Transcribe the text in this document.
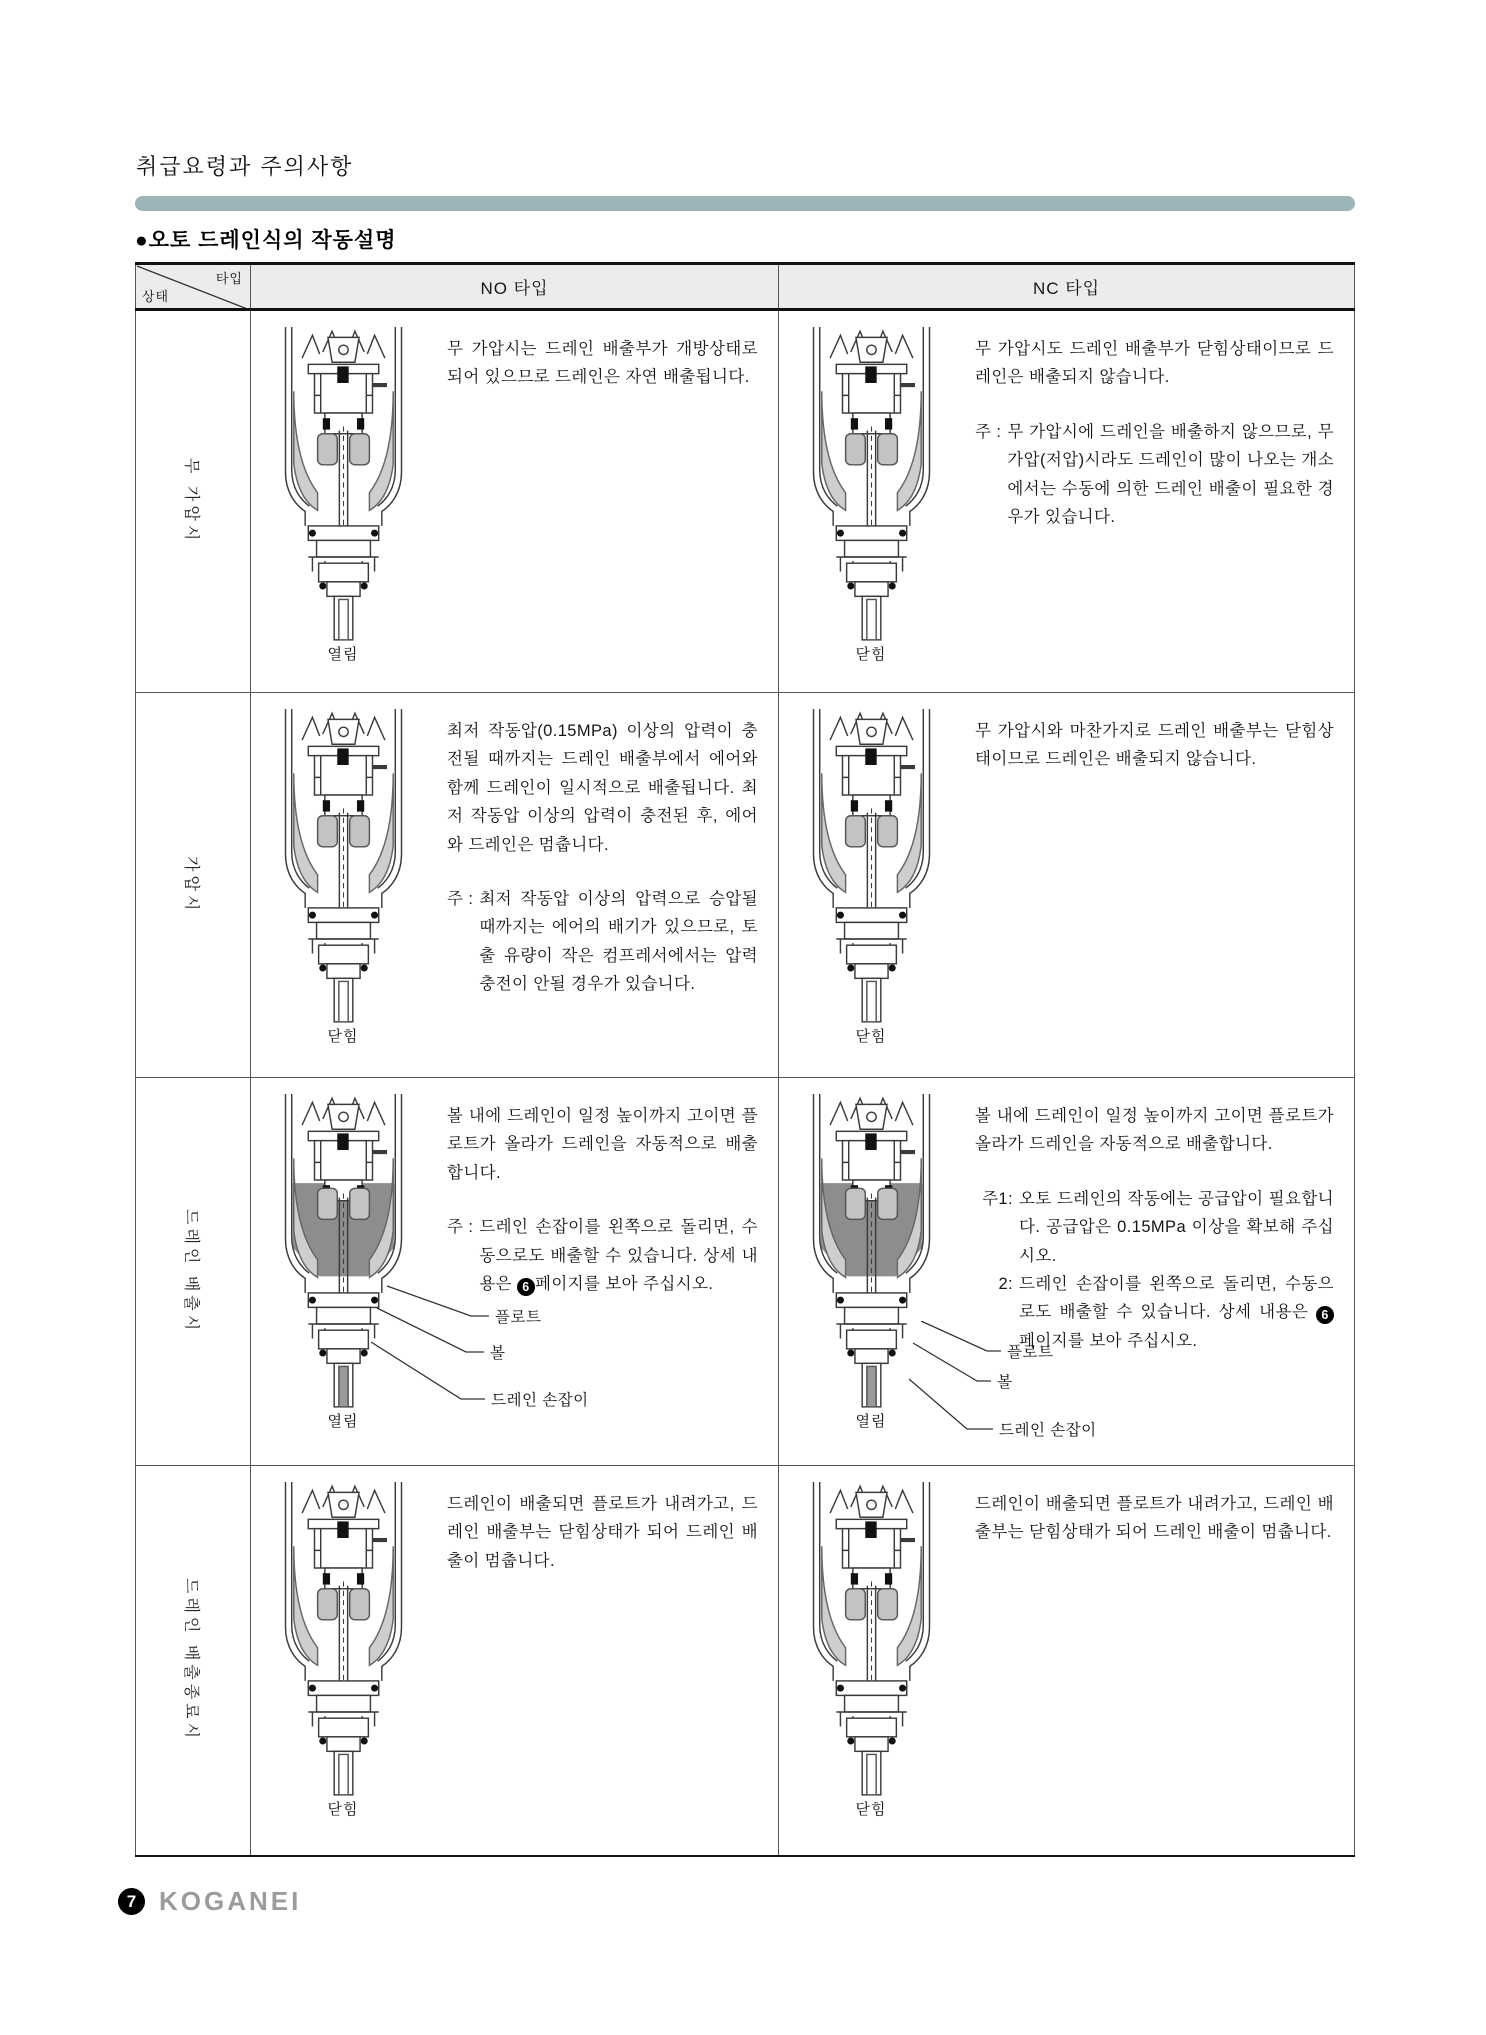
취급요령과 주의사항
●오토 드레인식의 작동설명
타입
상태	NO 타입	NC 타입
무 가압시
열림

무 가압시는 드레인 배출부가 개방상태로 되어 있으므로 드레인은 자연 배출됩니다.

닫힘

무 가압시도 드레인 배출부가 닫힘상태이므로 드레인은 배출되지 않습니다.

주 : 무 가압시에 드레인을 배출하지 않으므로, 무 가압(저압)시라도 드레인이 많이 나오는 개소에서는 수동에 의한 드레인 배출이 필요한 경우가 있습니다.
가압시
닫힘

최저 작동압(0.15MPa) 이상의 압력이 충전될 때까지는 드레인 배출부에서 에어와 함께 드레인이 일시적으로 배출됩니다. 최저 작동압 이상의 압력이 충전된 후, 에어와 드레인은 멈춥니다.

주 : 최저 작동압 이상의 압력으로 승압될 때까지는 에어의 배기가 있으므로, 토출 유량이 작은 컴프레서에서는 압력 충전이 안될 경우가 있습니다.
닫힘

무 가압시와 마찬가지로 드레인 배출부는 닫힘상태이므로 드레인은 배출되지 않습니다.

드레인 배출시
열림

볼 내에 드레인이 일정 높이까지 고이면 플로트가 올라가 드레인을 자동적으로 배출합니다.

주 : 드레인 손잡이를 왼쪽으로 돌리면, 수동으로도 배출할 수 있습니다. 상세 내용은 6 페이지를 보아 주십시오.
플로트
볼
드레인 손잡이
열림

볼 내에 드레인이 일정 높이까지 고이면 플로트가 올라가 드레인을 자동적으로 배출합니다.

주1: 오토 드레인의 작동에는 공급압이 필요합니다. 공급압은 0.15MPa 이상을 확보해 주십시오.
2: 드레인 손잡이를 왼쪽으로 돌리면, 수동으로도 배출할 수 있습니다. 상세 내용은 6 페이지를 보아 주십시오.
플로트
볼
드레인 손잡이
드레인 배출종료시
닫힘

드레인이 배출되면 플로트가 내려가고, 드레인 배출부는 닫힘상태가 되어 드레인 배출이 멈춥니다.

닫힘

드레인이 배출되면 플로트가 내려가고, 드레인 배출부는 닫힘상태가 되어 드레인 배출이 멈춥니다.

7 KOGANEI
